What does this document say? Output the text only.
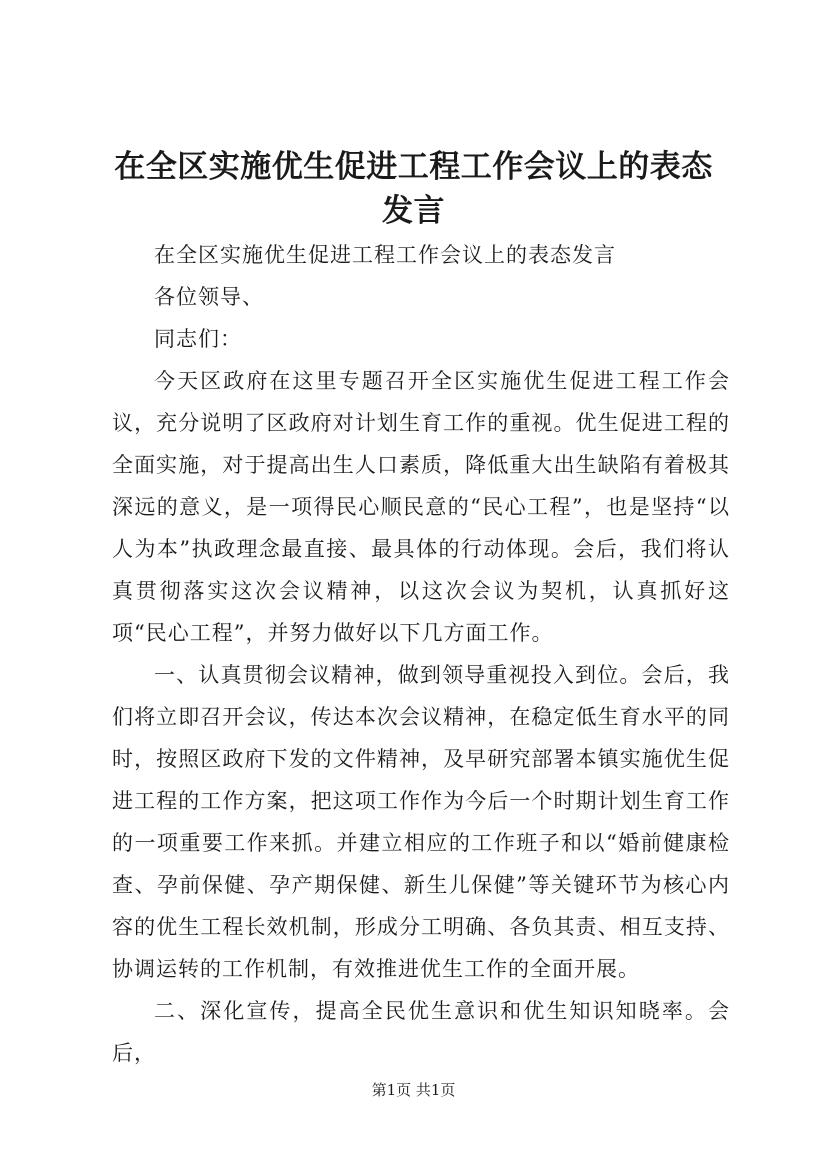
在全区实施优生促进工程工作会议上的表态发言

在全区实施优生促进工程工作会议上的表态发言

各位领导、

同志们：

今天区政府在这里专题召开全区实施优生促进工程工作会议，充分说明了区政府对计划生育工作的重视。优生促进工程的全面实施，对于提高出生人口素质，降低重大出生缺陷有着极其深远的意义，是一项得民心顺民意的“民心工程”，也是坚持“以人为本”执政理念最直接、最具体的行动体现。会后，我们将认真贯彻落实这次会议精神，以这次会议为契机，认真抓好这项“民心工程”，并努力做好以下几方面工作。

一、认真贯彻会议精神，做到领导重视投入到位。会后，我们将立即召开会议，传达本次会议精神，在稳定低生育水平的同时，按照区政府下发的文件精神，及早研究部署本镇实施优生促进工程的工作方案，把这项工作作为今后一个时期计划生育工作的一项重要工作来抓。并建立相应的工作班子和以“婚前健康检查、孕前保健、孕产期保健、新生儿保健”等关键环节为核心内容的优生工程长效机制，形成分工明确、各负其责、相互支持、协调运转的工作机制，有效推进优生工作的全面开展。

二、深化宣传，提高全民优生意识和优生知识知晓率。会后，

第1页 共1页
